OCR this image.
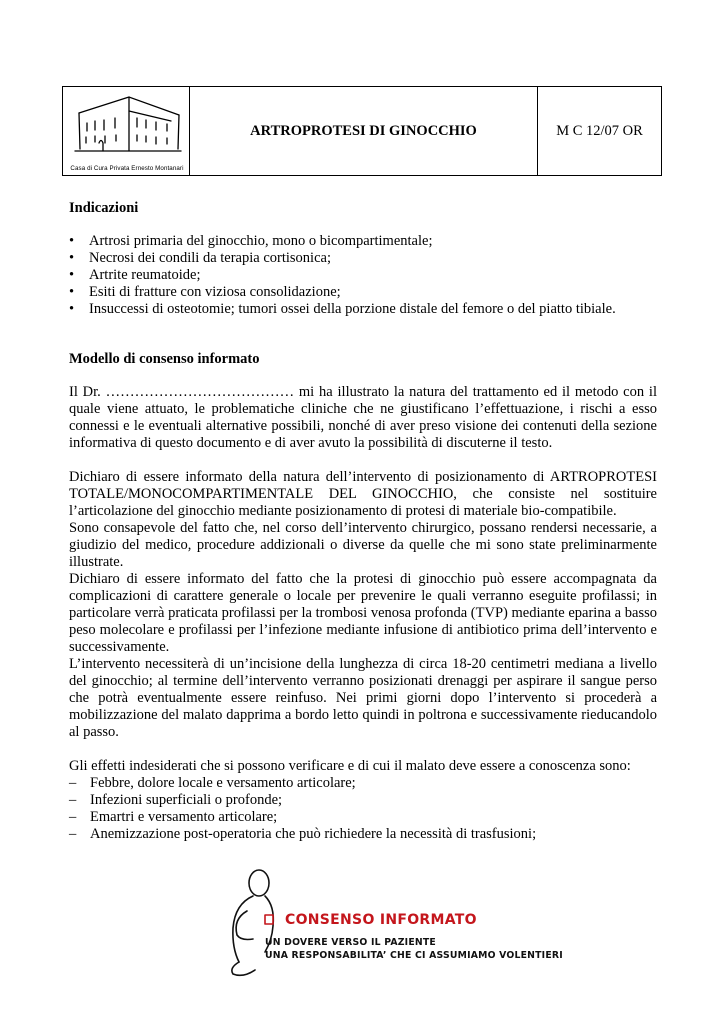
Casa di Cura Privata Ernesto Montanari
ARTROPROTESI DI GINOCCHIO	M C 12/07 OR
Indicazioni
• Artrosi primaria del ginocchio, mono o bicompartimentale;
• Necrosi dei condili da terapia cortisonica;
• Artrite reumatoide;
• Esiti di fratture con viziosa consolidazione;
• Insuccessi di osteotomie; tumori ossei della porzione distale del femore o del piatto tibiale.
Modello di consenso informato

Il Dr. ………………………………… mi ha illustrato la natura del trattamento ed il metodo con il quale viene attuato, le problematiche cliniche che ne giustificano l’effettuazione, i rischi a esso connessi e le eventuali alternative possibili, nonché di aver preso visione dei contenuti della sezione informativa di questo documento e di aver avuto la possibilità di discuterne il testo.

Dichiaro di essere informato della natura dell’intervento di posizionamento di ARTROPROTESI TOTALE/MONOCOMPARTIMENTALE DEL GINOCCHIO, che consiste nel sostituire l’articolazione del ginocchio mediante posizionamento di protesi di materiale bio-compatibile.

Sono consapevole del fatto che, nel corso dell’intervento chirurgico, possano rendersi necessarie, a giudizio del medico, procedure addizionali o diverse da quelle che mi sono state preliminarmente illustrate.

Dichiaro di essere informato del fatto che la protesi di ginocchio può essere accompagnata da complicazioni di carattere generale o locale per prevenire le quali verranno eseguite profilassi; in particolare verrà praticata profilassi per la trombosi venosa profonda (TVP) mediante eparina a basso peso molecolare e profilassi per l’infezione mediante infusione di antibiotico prima dell’intervento e successivamente.

L’intervento necessiterà di un’incisione della lunghezza di circa 18-20 centimetri mediana a livello del ginocchio; al termine dell’intervento verranno posizionati drenaggi per aspirare il sangue perso che potrà eventualmente essere reinfuso. Nei primi giorni dopo l’intervento si procederà a mobilizzazione del malato dapprima a bordo letto quindi in poltrona e successivamente rieducandolo al passo.

Gli effetti indesiderati che si possono verificare e di cui il malato deve essere a conoscenza sono:

– Febbre, dolore locale e versamento articolare;
– Infezioni superficiali o profonde;
– Emartri e versamento articolare;
– Anemizzazione post-operatoria che può richiedere la necessità di trasfusioni;
CONSENSO INFORMATO
UN DOVERE VERSO IL PAZIENTE
UNA RESPONSABILITA’ CHE CI ASSUMIAMO VOLENTIERI
